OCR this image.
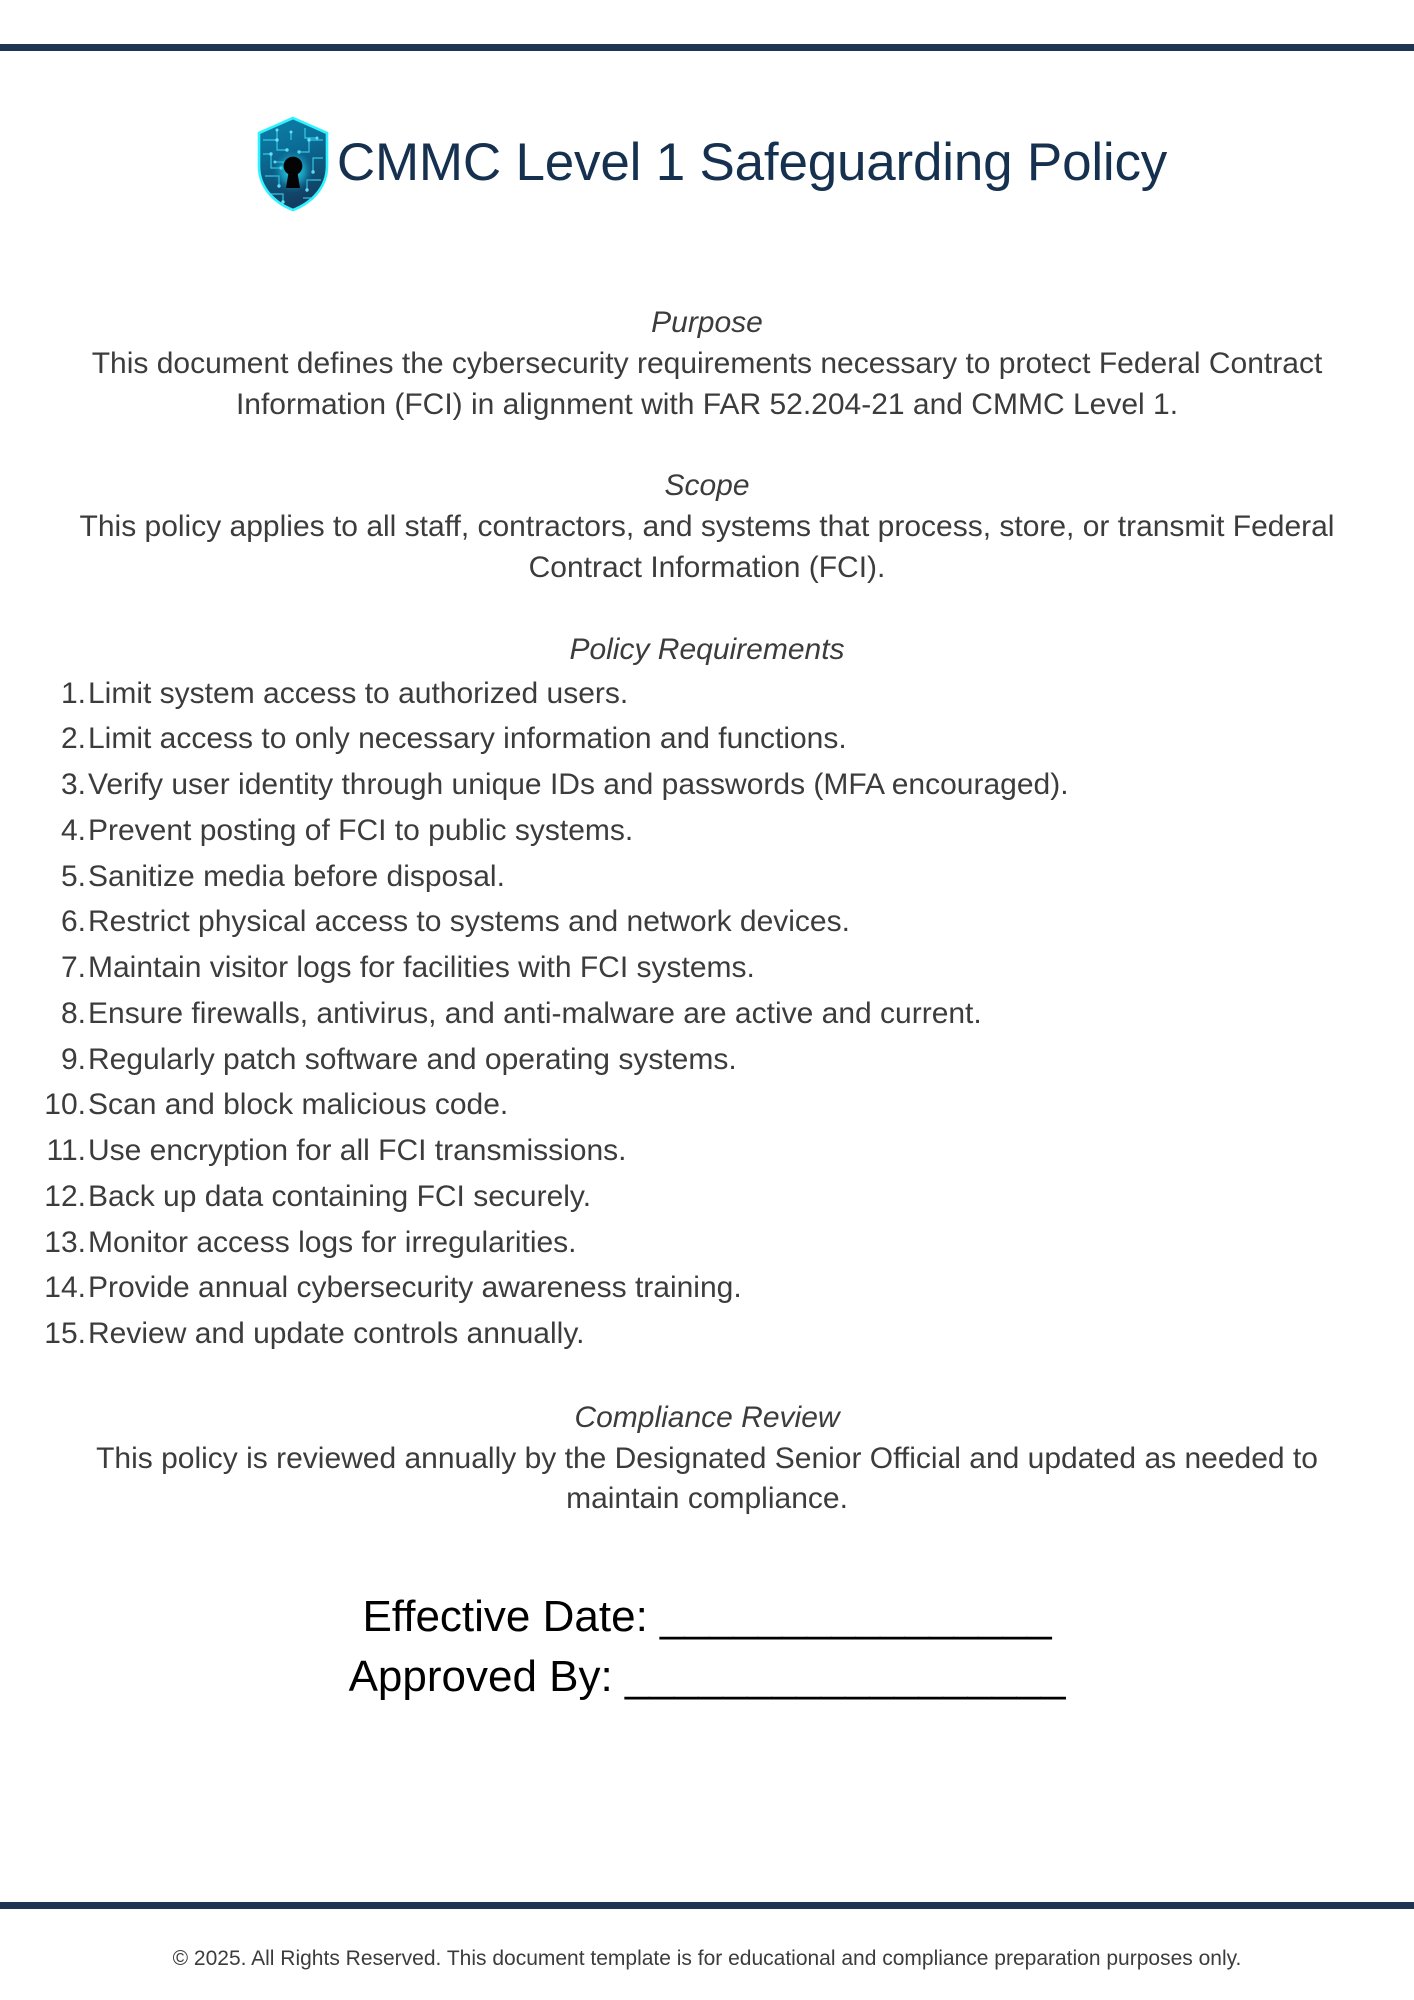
CMMC Level 1 Safeguarding Policy
Purpose
This document defines the cybersecurity requirements necessary to protect Federal Contract Information (FCI) in alignment with FAR 52.204-21 and CMMC Level 1.
Scope
This policy applies to all staff, contractors, and systems that process, store, or transmit Federal Contract Information (FCI).
Policy Requirements
1. Limit system access to authorized users.
2. Limit access to only necessary information and functions.
3. Verify user identity through unique IDs and passwords (MFA encouraged).
4. Prevent posting of FCI to public systems.
5. Sanitize media before disposal.
6. Restrict physical access to systems and network devices.
7. Maintain visitor logs for facilities with FCI systems.
8. Ensure firewalls, antivirus, and anti-malware are active and current.
9. Regularly patch software and operating systems.
10. Scan and block malicious code.
11. Use encryption for all FCI transmissions.
12. Back up data containing FCI securely.
13. Monitor access logs for irregularities.
14. Provide annual cybersecurity awareness training.
15. Review and update controls annually.
Compliance Review
This policy is reviewed annually by the Designated Senior Official and updated as needed to maintain compliance.
Effective Date: ________________
Approved By: __________________
© 2025. All Rights Reserved. This document template is for educational and compliance preparation purposes only.
